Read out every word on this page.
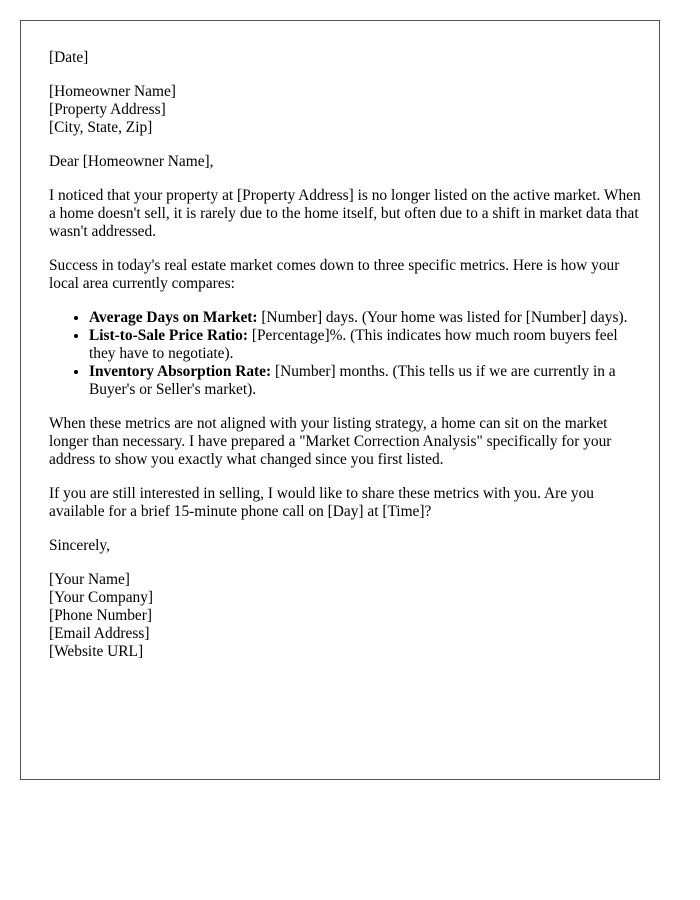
[Date]

[Homeowner Name]
[Property Address]
[City, State, Zip]

Dear [Homeowner Name],

I noticed that your property at [Property Address] is no longer listed on the active market. When a home doesn't sell, it is rarely due to the home itself, but often due to a shift in market data that wasn't addressed.

Success in today's real estate market comes down to three specific metrics. Here is how your local area currently compares:

• Average Days on Market: [Number] days. (Your home was listed for [Number] days).
• List-to-Sale Price Ratio: [Percentage]%. (This indicates how much room buyers feel they have to negotiate).
• Inventory Absorption Rate: [Number] months. (This tells us if we are currently in a Buyer's or Seller's market).

When these metrics are not aligned with your listing strategy, a home can sit on the market longer than necessary. I have prepared a "Market Correction Analysis" specifically for your address to show you exactly what changed since you first listed.

If you are still interested in selling, I would like to share these metrics with you. Are you available for a brief 15-minute phone call on [Day] at [Time]?

Sincerely,

[Your Name]
[Your Company]
[Phone Number]
[Email Address]
[Website URL]
